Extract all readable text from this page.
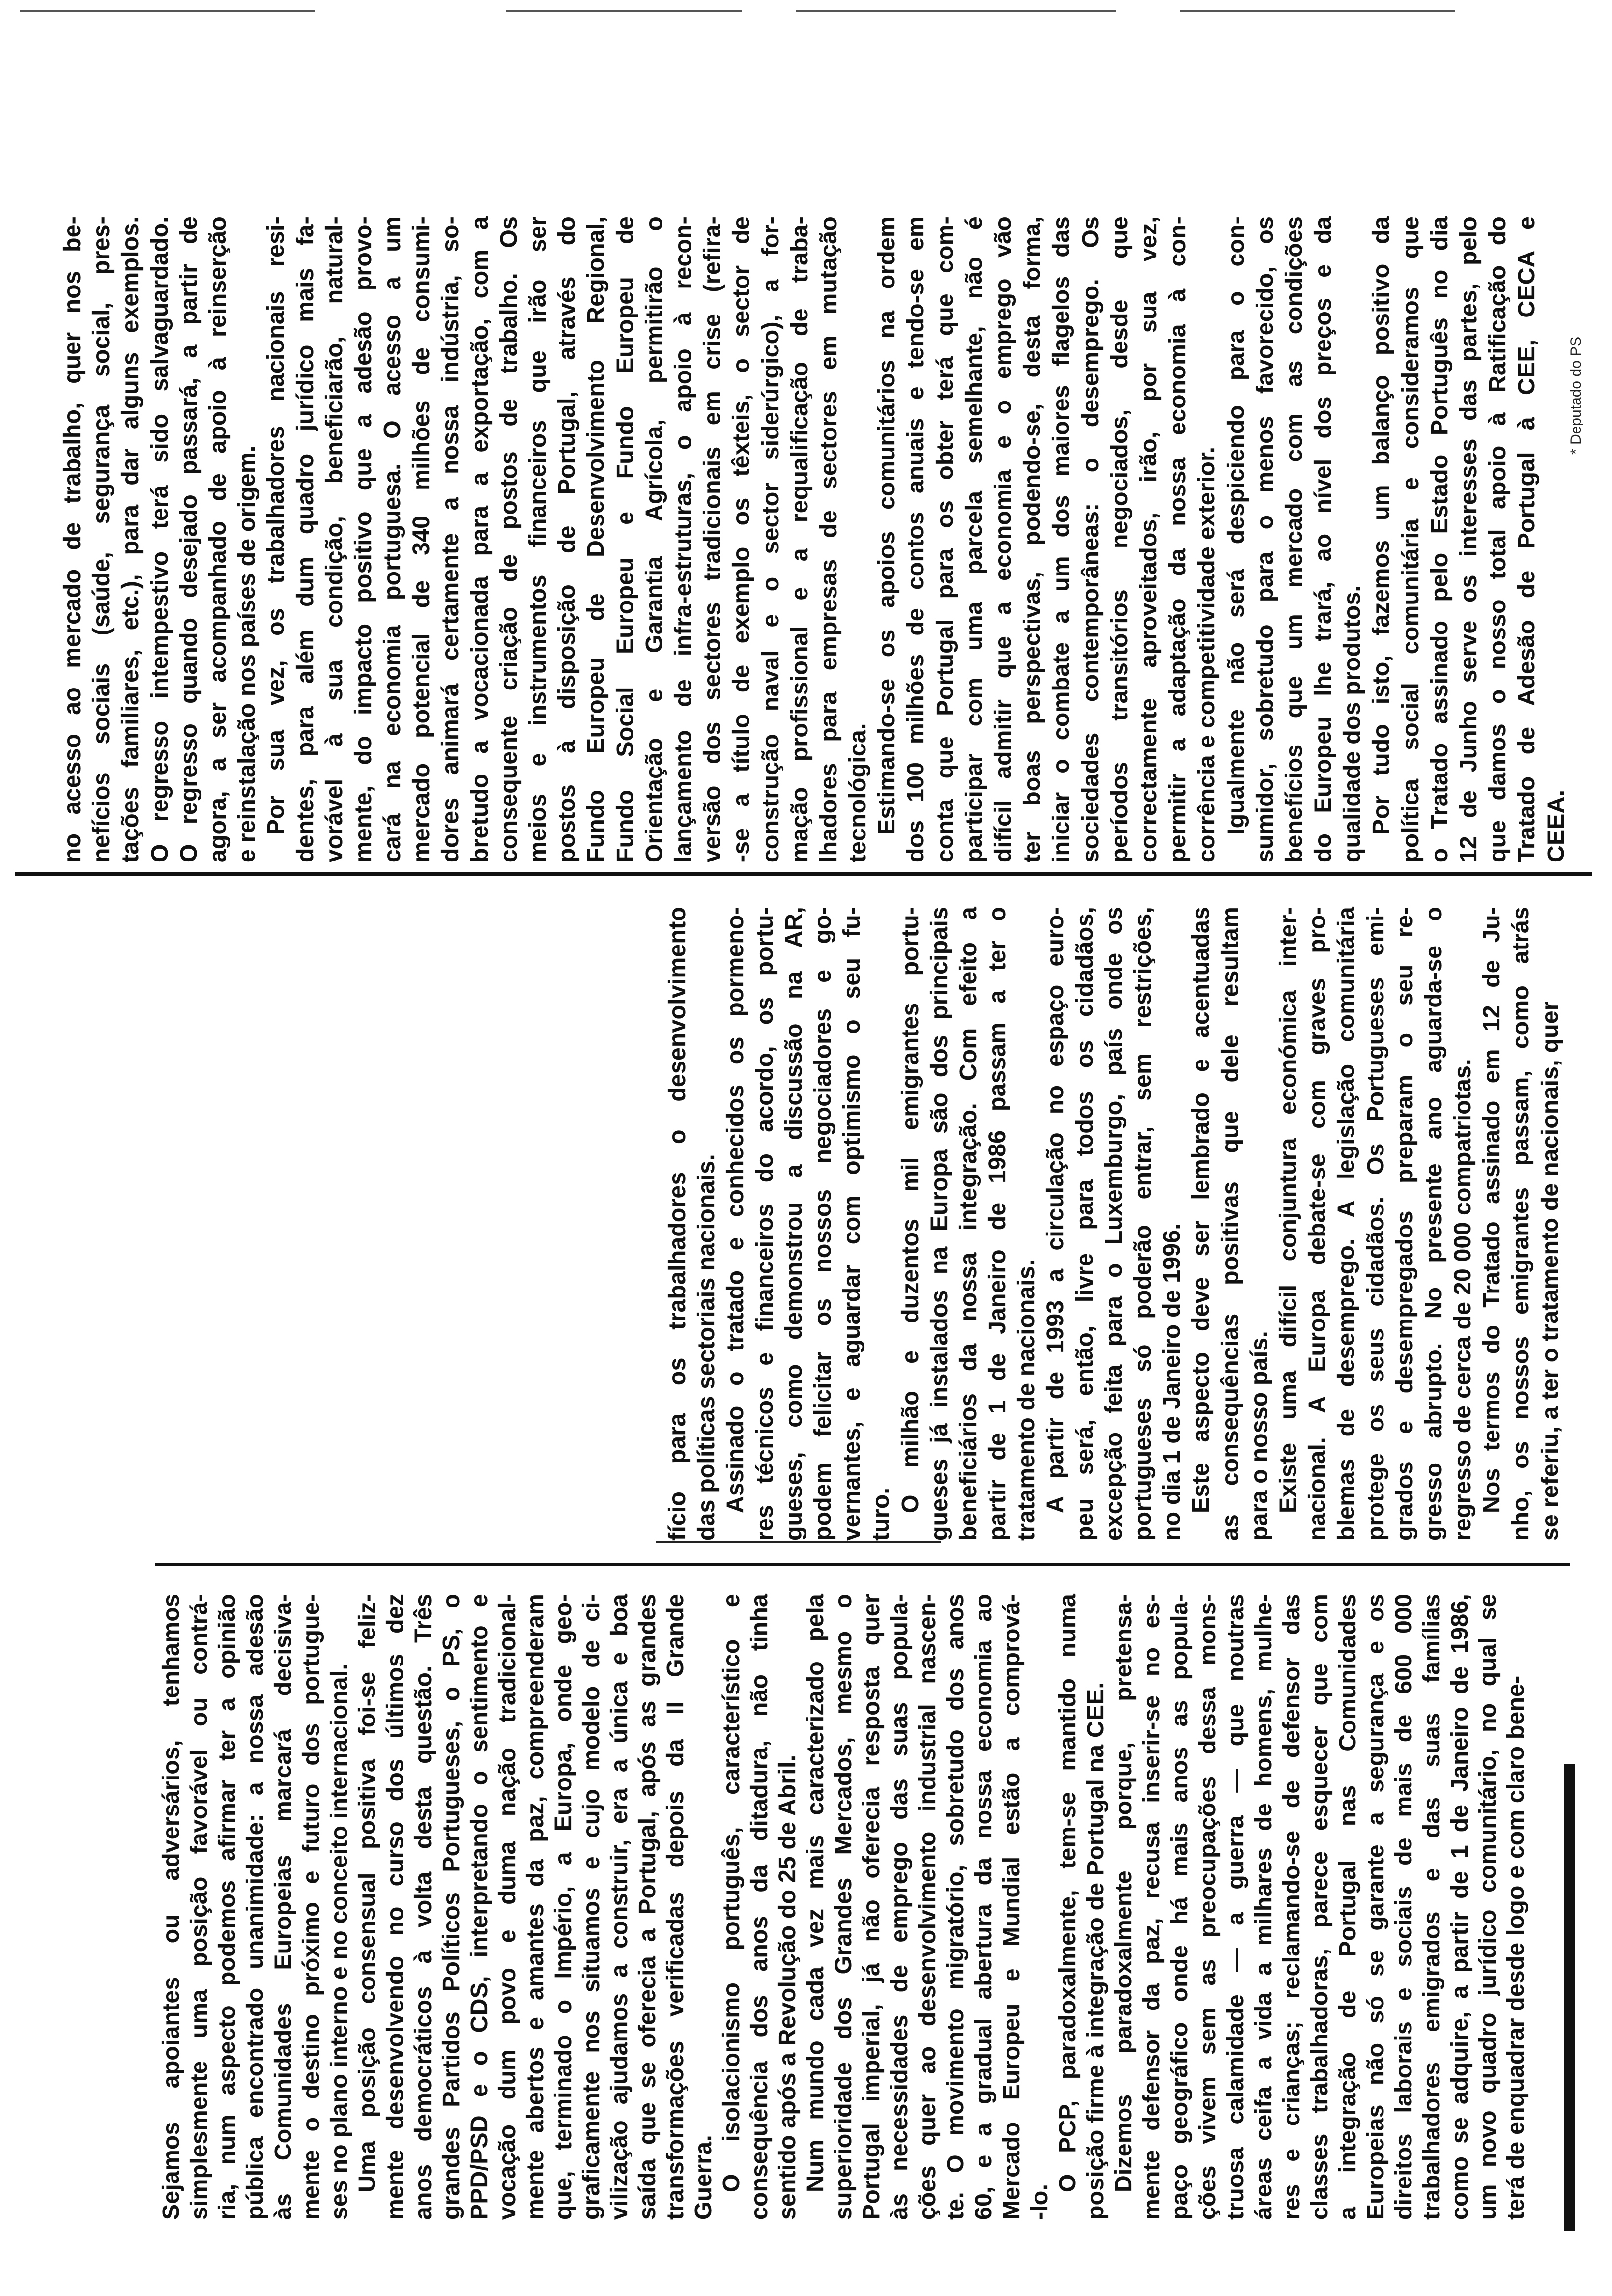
Sejamos apoiantes ou adversários, tenhamos simplesmente uma posição favorável ou contrá- ria, num aspecto podemos afirmar ter a opinião pública encontrado unanimidade: a nossa adesão às Comunidades Europeias marcará decisiva- mente o destino próximo e futuro dos portugue- ses no plano interno e no conceito internacional. Uma posição consensual positiva foi-se feliz- mente desenvolvendo no curso dos últimos dez anos democráticos à volta desta questão. Três grandes Partidos Políticos Portugueses, o PS, o PPD/PSD e o CDS, interpretando o sentimento e vocação dum povo e duma nação tradicional- mente abertos e amantes da paz, compreenderam que, terminado o Império, a Europa, onde geo- graficamente nos situamos e cujo modelo de ci- vilização ajudamos a construir, era a única e boa saída que se oferecia a Portugal, após as grandes transformações verificadas depois da II Grande Guerra. O isolacionismo português, característico e consequência dos anos da ditadura, não tinha sentido após a Revolução do 25 de Abril. Num mundo cada vez mais caracterizado pela superioridade dos Grandes Mercados, mesmo o Portugal imperial, já não oferecia resposta quer às necessidades de emprego das suas popula- ções quer ao desenvolvimento industrial nascen- te. O movimento migratório, sobretudo dos anos 60, e a gradual abertura da nossa economia ao Mercado Europeu e Mundial estão a comprová- -lo.
O PCP, paradoxalmente, tem-se mantido numa posição firme à integração de Portugal na CEE. Dizemos paradoxalmente porque, pretensa- mente defensor da paz, recusa inserir-se no es- paço geográfico onde há mais anos as popula- ções vivem sem as preocupações dessa mons- truosa calamidade — a guerra — que noutras áreas ceifa a vida a milhares de homens, mulhe- res e crianças; reclamando-se de defensor das classes trabalhadoras, parece esquecer que com a integração de Portugal nas Comunidades Europeias não só se garante a segurança e os direitos laborais e sociais de mais de 600 000 trabalhadores emigrados e das suas famílias como se adquire, a partir de 1 de Janeiro de 1986, um novo quadro jurídico comunitário, no qual se terá de enquadrar desde logo e com claro bene-
fício para os trabalhadores o desenvolvimento das políticas sectoriais nacionais. Assinado o tratado e conhecidos os pormeno- res técnicos e financeiros do acordo, os portu- gueses, como demonstrou a discussão na AR, podem felicitar os nossos negociadores e go- vernantes, e aguardar com optimismo o seu fu- turo.
O milhão e duzentos mil emigrantes portu- gueses já instalados na Europa são dos principais beneficiários da nossa integração. Com efeito a partir de 1 de Janeiro de 1986 passam a ter o tratamento de nacionais. A partir de 1993 a circulação no espaço euro- peu será, então, livre para todos os cidadãos, excepção feita para o Luxemburgo, país onde os portugueses só poderão entrar, sem restrições, no dia 1 de Janeiro de 1996. Este aspecto deve ser lembrado e acentuadas as consequências positivas que dele resultam para o nosso país. Existe uma difícil conjuntura económica inter- nacional. A Europa debate-se com graves pro- blemas de desemprego. A legislação comunitária protege os seus cidadãos. Os Portugueses emi- grados e desempregados preparam o seu re- gresso abrupto. No presente ano aguarda-se o regresso de cerca de 20 000 compatriotas. Nos termos do Tratado assinado em 12 de Ju- nho, os nossos emigrantes passam, como atrás se referiu, a ter o tratamento de nacionais, quer
no acesso ao mercado de trabalho, quer nos be- nefícios sociais (saúde, segurança social, pres- tações familiares, etc.), para dar alguns exemplos. O regresso intempestivo terá sido salvaguardado. O regresso quando desejado passará, a partir de agora, a ser acompanhado de apoio à reinserção e reinstalação nos países de origem. Por sua vez, os trabalhadores nacionais resi- dentes, para além dum quadro jurídico mais fa- vorável à sua condição, beneficiarão, natural- mente, do impacto positivo que a adesão provo- cará na economia portuguesa. O acesso a um mercado potencial de 340 milhões de consumi- dores animará certamente a nossa indústria, so- bretudo a vocacionada para a exportação, com a consequente criação de postos de trabalho. Os meios e instrumentos financeiros que irão ser postos à disposição de Portugal, através do Fundo Europeu de Desenvolvimento Regional, Fundo Social Europeu e Fundo Europeu de Orientação e Garantia Agrícola, permitirão o lançamento de infra-estruturas, o apoio à recon- versão dos sectores tradicionais em crise (refira- -se a título de exemplo os têxteis, o sector de construção naval e o sector siderúrgico), a for- mação profissional e a requalificação de traba- lhadores para empresas de sectores em mutação tecnológica. Estimando-se os apoios comunitários na ordem dos 100 milhões de contos anuais e tendo-se em conta que Portugal para os obter terá que com- participar com uma parcela semelhante, não é difícil admitir que a economia e o emprego vão ter boas perspectivas, podendo-se, desta forma, iniciar o combate a um dos maiores flagelos das sociedades contemporâneas: o desemprego. Os períodos transitórios negociados, desde que correctamente aproveitados, irão, por sua vez, permitir a adaptação da nossa economia à con- corrência e competitividade exterior. Igualmente não será despiciendo para o con- sumidor, sobretudo para o menos favorecido, os benefícios que um mercado com as condições do Europeu lhe trará, ao nível dos preços e da qualidade dos produtos. Por tudo isto, fazemos um balanço positivo da política social comunitária e consideramos que o Tratado assinado pelo Estado Português no dia 12 de Junho serve os interesses das partes, pelo que damos o nosso total apoio à Ratificação do Tratado de Adesão de Portugal à CEE, CECA e CEEA.
* Deputado do PS
